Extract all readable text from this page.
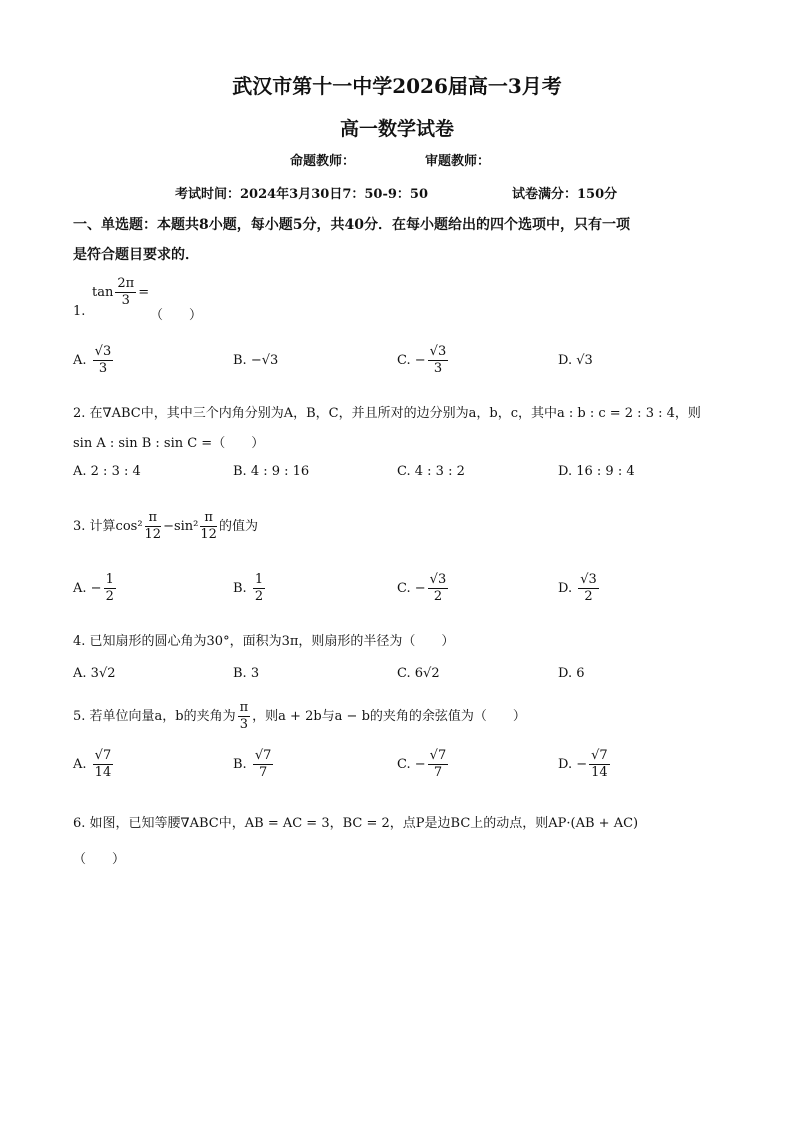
武汉市第十一中学2026届高一3月考
高一数学试卷
命题教师：	审题教师：
考试时间：2024年3月30日7：50-9：50	试卷满分：150分
一、单选题：本题共8小题，每小题5分，共40分．在每小题给出的四个选项中，只有一项
是符合题目要求的．
$\tan \frac{2\pi}{3}$ =
1.	（　　）
A. $\frac{√3}{3}$	B. −√3	C. − $\frac{√3}{3}$	D. √3
2. 在∇ABC中，其中三个内角分别为A，B，C，并且所对的边分别为a，b，c，其中a : b : c = 2 : 3 : 4，则
sin A : sin B : sin C =（　　）
A. 2 : 3 : 4	B. 4 : 9 : 16	C. 4 : 3 : 2	D. 16 : 9 : 4
3. 计算$\cos^2 \frac{\pi}{12} -\sin^2 \frac{\pi}{12}$ 的值为
A. − $\frac{1}{2}$	B. $\frac{1}{2}$	C. − $\frac{√3}{2}$	D. $\frac{√3}{2}$
4. 已知扇形的圆心角为30°，面积为3π，则扇形的半径为（　　）
A. 3√2	B. 3	C. 6√2	D. 6
5. 若单位向量a，b的夹角为 $\frac{\pi}{3}$ ，则a + 2b与a − b的夹角的余弦值为（　　）
A. $\frac{√7}{14}$	B. $\frac{√7}{7}$	C. − $\frac{√7}{7}$	D. − $\frac{√7}{14}$
6. 如图，已知等腰∇ABC中，AB = AC = 3，BC = 2，点P是边BC上的动点，则AP·(AB + AC)
（　　）
